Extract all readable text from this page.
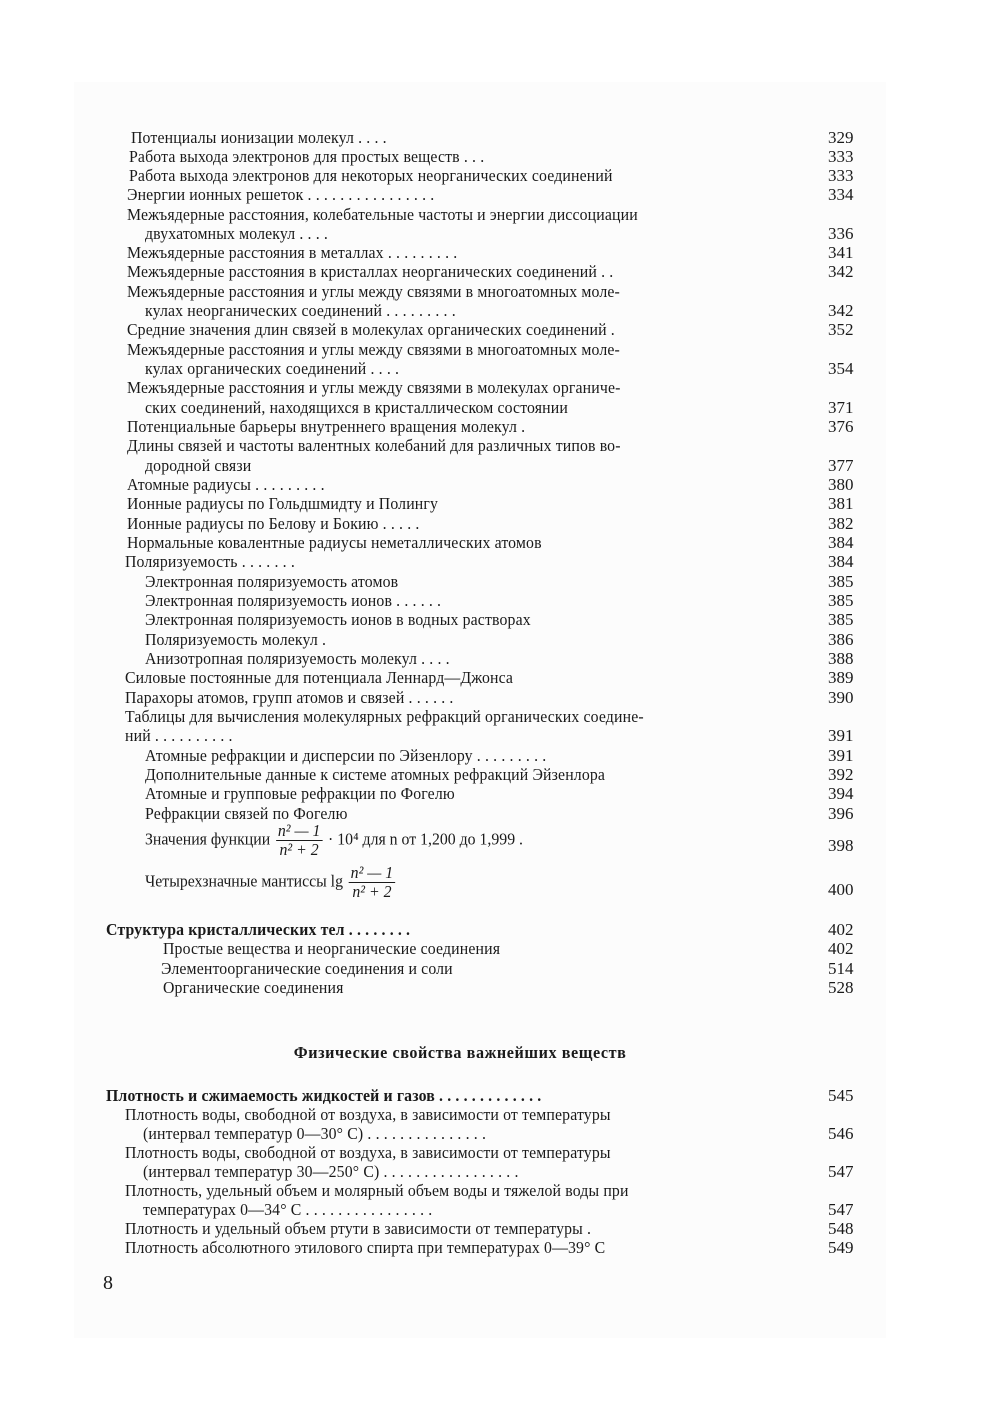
Потенциалы ионизации молекул . . . .	329
Работа выхода электронов для простых веществ . . .	333
Работа выхода электронов для некоторых неорганических соединений	333
Энергии ионных решеток . . . . . . . . . . . . . . . .	334
Межъядерные расстояния, колебательные частоты и энергии диссоциации
двухатомных молекул . . . .	336
Межъядерные расстояния в металлах . . . . . . . . .	341
Межъядерные расстояния в кристаллах неорганических соединений . .	342
Межъядерные расстояния и углы между связями в многоатомных моле-
кулах неорганических соединений . . . . . . . . .	342
Средние значения длин связей в молекулах органических соединений .	352
Межъядерные расстояния и углы между связями в многоатомных моле-
кулах органических соединений . . . .	354
Межъядерные расстояния и углы между связями в молекулах органиче-
ских соединений, находящихся в кристаллическом состоянии	371
Потенциальные барьеры внутреннего вращения молекул .	376
Длины связей и частоты валентных колебаний для различных типов во-
дородной связи	377
Атомные радиусы . . . . . . . . .	380
Ионные радиусы по Гольдшмидту и Полингу	381
Ионные радиусы по Белову и Бокию . . . . .	382
Нормальные ковалентные радиусы неметаллических атомов	384
Поляризуемость . . . . . . .	384
Электронная поляризуемость атомов	385
Электронная поляризуемость ионов . . . . . .	385
Электронная поляризуемость ионов в водных растворах	385
Поляризуемость молекул .	386
Анизотропная поляризуемость молекул . . . .	388
Силовые постоянные для потенциала Леннард—Джонса	389
Парахоры атомов, групп атомов и связей . . . . . .	390
Таблицы для вычисления молекулярных рефракций органических соедине-
ний . . . . . . . . . .	391
Атомные рефракции и дисперсии по Эйзенлору . . . . . . . . .	391
Дополнительные данные к системе атомных рефракций Эйзенлора	392
Атомные и групповые рефракции по Фогелю	394
Рефракции связей по Фогелю	396
Значения функции $\frac{\text{n² — 1}}{\text{n² + 2}} \cdot 10^4$ для n от 1,200 до 1,999 .	398
Четырехзначные мантиссы $\lg \frac{\text{n² — 1}}{\text{n² + 2}}$	400
Структура кристаллических тел . . . . . . . .	402
Простые вещества и неорганические соединения	402
Элементоорганические соединения и соли	514
Органические соединения	528
Физические свойства важнейших веществ
Плотность и сжимаемость жидкостей и газов . . . . . . . . . . . . .	545
Плотность воды, свободной от воздуха, в зависимости от температуры
(интервал температур 0—30° С) . . . . . . . . . . . . . . .	546
Плотность воды, свободной от воздуха, в зависимости от температуры
(интервал температур 30—250° С) . . . . . . . . . . . . . . . . .	547
Плотность, удельный объем и молярный объем воды и тяжелой воды при
температурах 0—34° С . . . . . . . . . . . . . . . .	547
Плотность и удельный объем ртути в зависимости от температуры .	548
Плотность абсолютного этилового спирта при температурах 0—39° С	549
8
